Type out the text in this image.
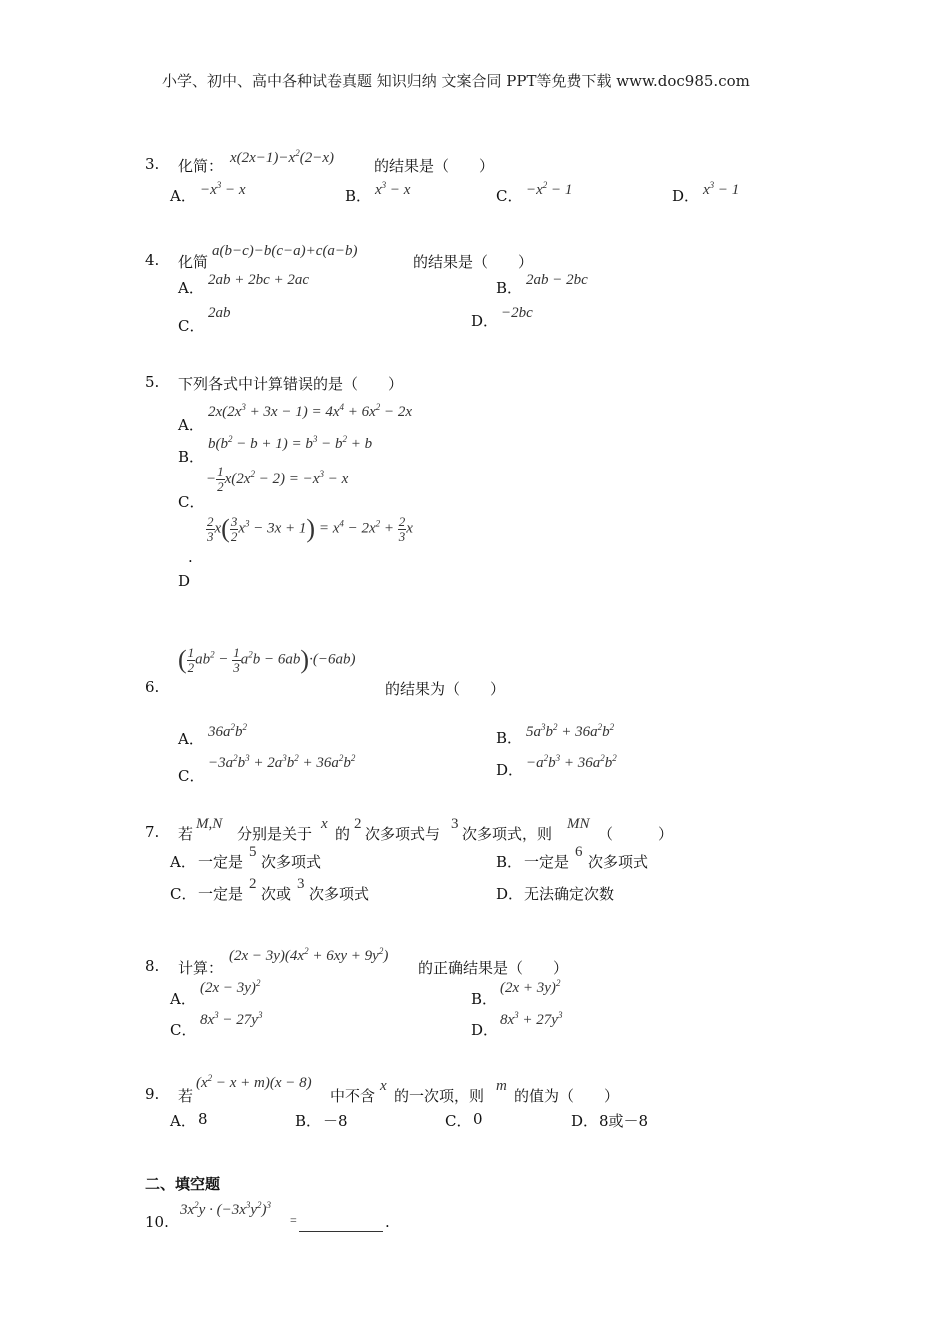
小学、初中、高中各种试卷真题 知识归纳 文案合同 PPT等免费下载 www.doc985.com
3. 化简： $x(2x-1)-x^2(2-x)$	的结果是（　　）
A． $-x^3 - x$	B． $x^3 - x$	C． $-x^2 - 1$	D． $x^3 - 1$
4. 化简
a(b−c)−b(c−a)+c(a−b)
的结果是（　　）
A． 2ab + 2bc + 2ac	B． 2ab − 2bc
C．
2ab	D． −2bc
5. 下列各式中计算错误的是（　　）
A．
$2x(2x^3 + 3x - 1) = 4x^4 + 6x^2 - 2x$
B．
$b(b^2 - b + 1) = b^3 - b^2 + b$
C．
− $\frac{1}{2} x(2x^2 - 2) = -x^3 - x$
$\frac{2}{3} x( \frac{3}{2} x^3 - 3x + 1) = x^4 - 2x^2 + \frac{2}{3}$ x
.
D
6.
( $\frac{1}{2} ab^2 - \frac{1}{3} a^2b - 6ab)\cdot(-6ab)$
的结果为（　　）
A． $36a^2b^2$
B． $5a^3b^2 + 36a^2b^2$
C．
$-3a^2b^3 + 2a^3b^2 + 36a^2b^2$
D． $-a^2b^3 + 36a^2b^2$
7. 若
M,N
分别是关于
x
的
2
次多项式与
3
次多项式，则
MN
（　　　）
A． 一定是
5
次多项式	B． 一定是
6
次多项式
C． 一定是
2
次或
3
次多项式	D． 无法确定次数
8. 计算：
$(2x - 3y)(4x^2 + 6xy + 9y^2)$
的正确结果是（　　）
A．
$(2x - 3y)^2$
B．
$(2x + 3y)^2$
C．
$8x^3 - 27y^3$
D．
$8x^3 + 27y^3$
9. 若
$(x^2 - x + m)(x - 8)$
中不含
x
的一次项，则
m
的值为（　　）
A． 8	B． －8	C． 0	D． 8或－8
二、填空题
10.
$3x^2y \cdot (-3x^3y^2)^3$
=	.
